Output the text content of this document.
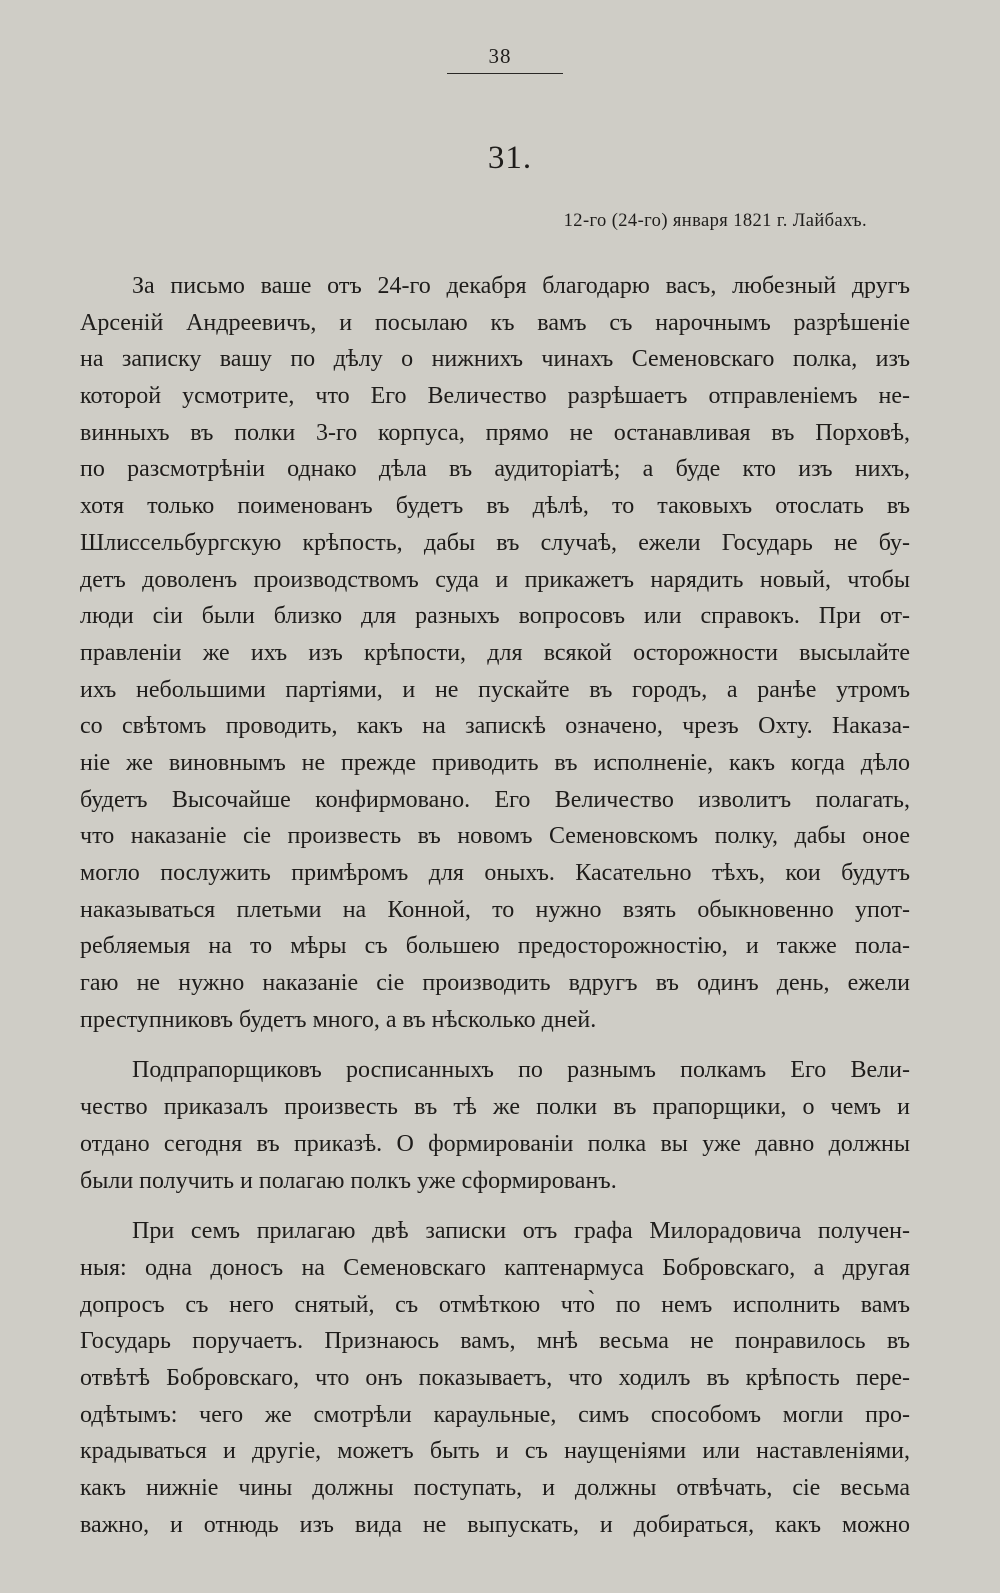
38
31.
12-го (24-го) января 1821 г. Лайбахъ.
За письмо ваше отъ 24-го декабря благодарю васъ, любезный другъ
Арсеній Андреевичъ, и посылаю къ вамъ съ нарочнымъ разрѣшеніе
на записку вашу по дѣлу о нижнихъ чинахъ Семеновскаго полка, изъ
которой усмотрите, что Его Величество разрѣшаетъ отправленіемъ не-
винныхъ въ полки 3-го корпуса, прямо не останавливая въ Порховѣ,
по разсмотрѣніи однако дѣла въ аудиторіатѣ; а буде кто изъ нихъ,
хотя только поименованъ будетъ въ дѣлѣ, то таковыхъ отослать въ
Шлиссельбургскую крѣпость, дабы въ случаѣ, ежели Государь не бу-
детъ доволенъ производствомъ суда и прикажетъ нарядить новый, чтобы
люди сіи были близко для разныхъ вопросовъ или справокъ. При от-
правленіи же ихъ изъ крѣпости, для всякой осторожности высылайте
ихъ небольшими партіями, и не пускайте въ городъ, а ранѣе утромъ
со свѣтомъ проводить, какъ на запискѣ означено, чрезъ Охту. Наказа-
ніе же виновнымъ не прежде приводить въ исполненіе, какъ когда дѣло
будетъ Высочайше конфирмовано. Его Величество изволитъ полагать,
что наказаніе сіе произвесть въ новомъ Семеновскомъ полку, дабы оное
могло послужить примѣромъ для оныхъ. Касательно тѣхъ, кои будутъ
наказываться плетьми на Конной, то нужно взять обыкновенно упот-
ребляемыя на то мѣры съ большею предосторожностію, и также пола-
гаю не нужно наказаніе сіе производить вдругъ въ одинъ день, ежели
преступниковъ будетъ много, а въ нѣсколько дней.
Подпрапорщиковъ росписанныхъ по разнымъ полкамъ Его Вели-
чество приказалъ произвесть въ тѣ же полки въ прапорщики, о чемъ и
отдано сегодня въ приказѣ. О формированіи полка вы уже давно должны
были получить и полагаю полкъ уже сформированъ.
При семъ прилагаю двѣ записки отъ графа Милорадовича получен-
ныя: одна доносъ на Семеновскаго каптенармуса Бобровскаго, а другая
допросъ съ него снятый, съ отмѣткою что̀ по немъ исполнить вамъ
Государь поручаетъ. Признаюсь вамъ, мнѣ весьма не понравилось въ
отвѣтѣ Бобровскаго, что онъ показываетъ, что ходилъ въ крѣпость пере-
одѣтымъ: чего же смотрѣли караульные, симъ способомъ могли про-
крадываться и другіе, можетъ быть и съ наущеніями или наставленіями,
какъ нижніе чины должны поступать, и должны отвѣчать, сіе весьма
важно, и отнюдь изъ вида не выпускать, и добираться, какъ можно
